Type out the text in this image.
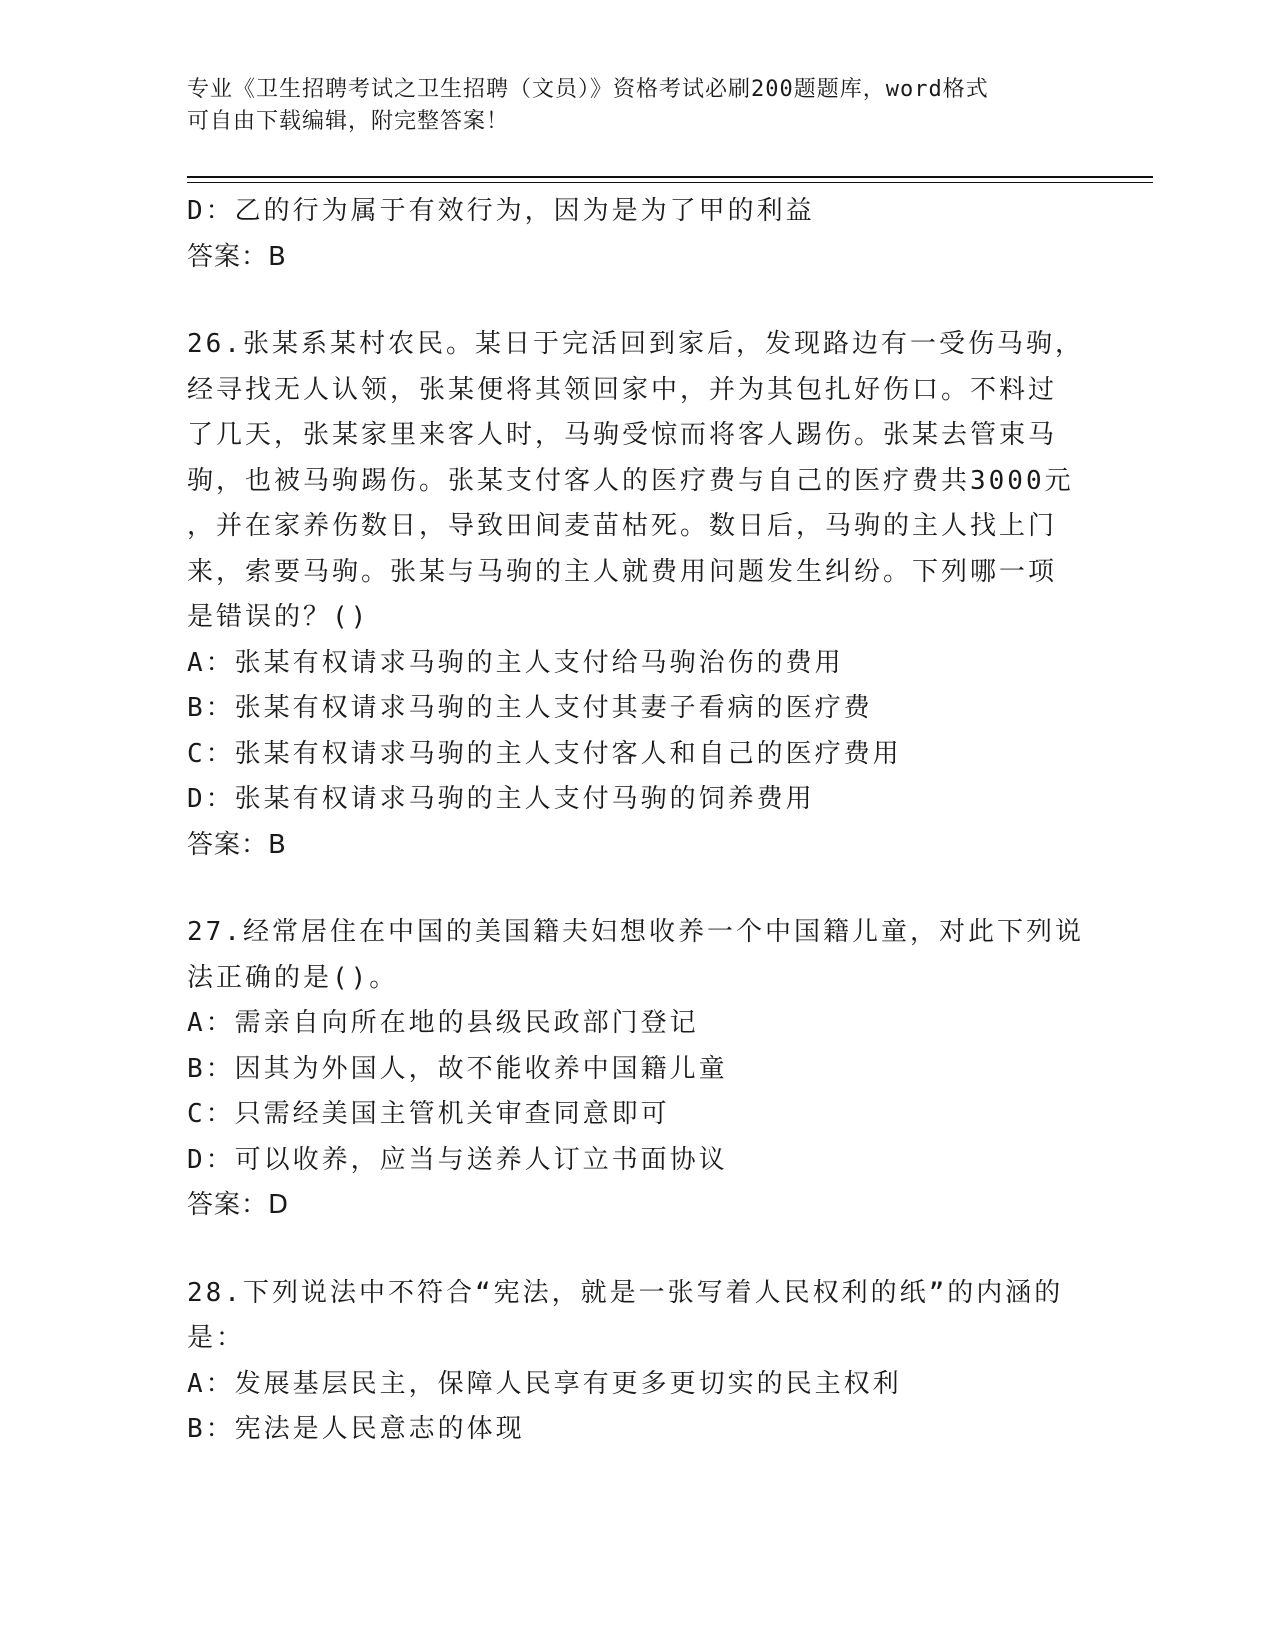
专业《卫生招聘考试之卫生招聘（文员）》资格考试必刷200题题库，word格式
可自由下载编辑，附完整答案！
D：乙的行为属于有效行为，因为是为了甲的利益
答案：B
26.张某系某村农民。某日于完活回到家后，发现路边有一受伤马驹，
经寻找无人认领，张某便将其领回家中，并为其包扎好伤口。不料过
了几天，张某家里来客人时，马驹受惊而将客人踢伤。张某去管束马
驹，也被马驹踢伤。张某支付客人的医疗费与自己的医疗费共3000元
，并在家养伤数日，导致田间麦苗枯死。数日后，马驹的主人找上门
来，索要马驹。张某与马驹的主人就费用问题发生纠纷。下列哪一项
是错误的？()
A：张某有权请求马驹的主人支付给马驹治伤的费用
B：张某有权请求马驹的主人支付其妻子看病的医疗费
C：张某有权请求马驹的主人支付客人和自己的医疗费用
D：张某有权请求马驹的主人支付马驹的饲养费用
答案：B
27.经常居住在中国的美国籍夫妇想收养一个中国籍儿童，对此下列说
法正确的是()。
A：需亲自向所在地的县级民政部门登记
B：因其为外国人，故不能收养中国籍儿童
C：只需经美国主管机关审查同意即可
D：可以收养，应当与送养人订立书面协议
答案：D
28.下列说法中不符合“宪法，就是一张写着人民权利的纸”的内涵的
是：
A：发展基层民主，保障人民享有更多更切实的民主权利
B：宪法是人民意志的体现
